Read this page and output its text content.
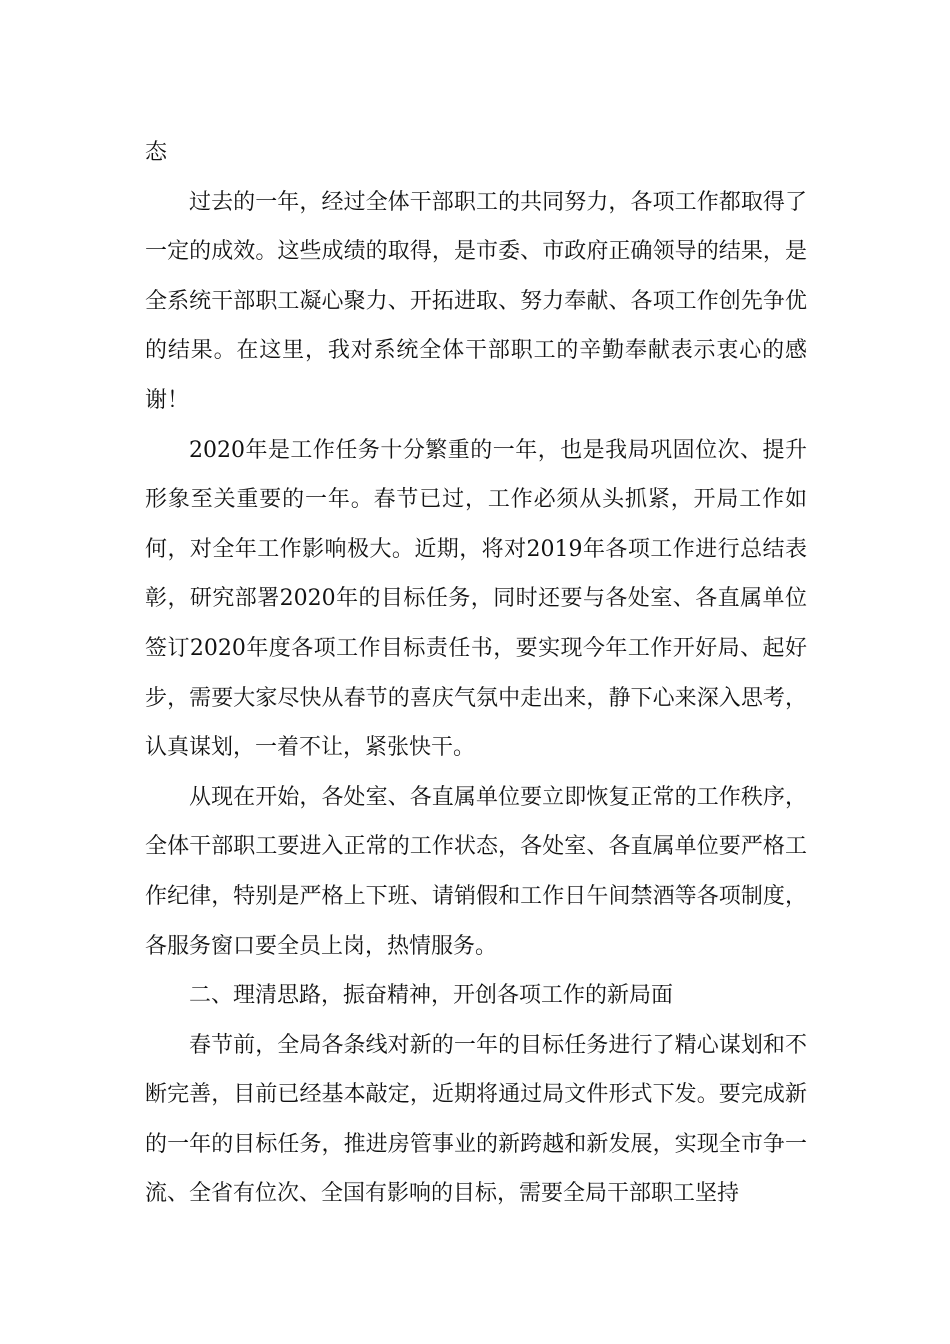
态

过去的一年，经过全体干部职工的共同努力，各项工作都取得了一定的成效。这些成绩的取得，是市委、市政府正确领导的结果，是全系统干部职工凝心聚力、开拓进取、努力奉献、各项工作创先争优的结果。在这里，我对系统全体干部职工的辛勤奉献表示衷心的感谢！

2020年是工作任务十分繁重的一年，也是我局巩固位次、提升形象至关重要的一年。春节已过，工作必须从头抓紧，开局工作如何，对全年工作影响极大。近期，将对2019年各项工作进行总结表彰，研究部署2020年的目标任务，同时还要与各处室、各直属单位签订2020年度各项工作目标责任书，要实现今年工作开好局、起好步，需要大家尽快从春节的喜庆气氛中走出来，静下心来深入思考，认真谋划，一着不让，紧张快干。

从现在开始，各处室、各直属单位要立即恢复正常的工作秩序，全体干部职工要进入正常的工作状态，各处室、各直属单位要严格工作纪律，特别是严格上下班、请销假和工作日午间禁酒等各项制度，各服务窗口要全员上岗，热情服务。

二、理清思路，振奋精神，开创各项工作的新局面

春节前，全局各条线对新的一年的目标任务进行了精心谋划和不断完善，目前已经基本敲定，近期将通过局文件形式下发。要完成新的一年的目标任务，推进房管事业的新跨越和新发展，实现全市争一流、全省有位次、全国有影响的目标，需要全局干部职工坚持
